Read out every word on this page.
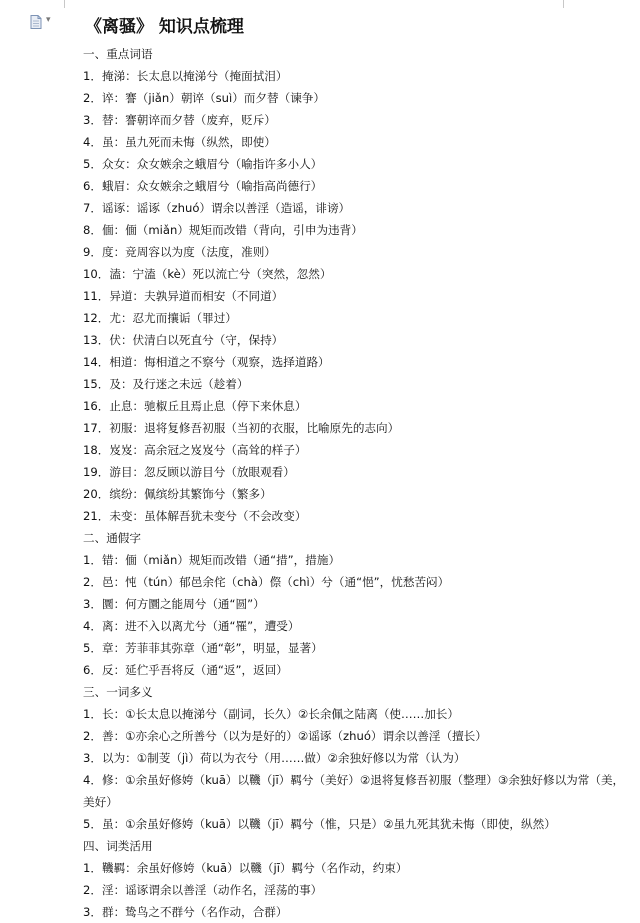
▾ 《离骚》 知识点梳理
一、重点词语
1．掩涕：长太息以掩涕兮（掩面拭泪）
2．谇：謇（jiǎn）朝谇（suì）而夕替（谏争）
3．替：謇朝谇而夕替（废弃，贬斥）
4．虽：虽九死而未悔（纵然，即使）
5．众女：众女嫉余之蛾眉兮（喻指许多小人）
6．蛾眉：众女嫉余之蛾眉兮（喻指高尚德行）
7．谣诼：谣诼（zhuó）谓余以善淫（造谣，诽谤）
8．偭：偭（miǎn）规矩而改错（背向，引申为违背）
9．度：竞周容以为度（法度，准则）
10．溘：宁溘（kè）死以流亡兮（突然，忽然）
11．异道：夫孰异道而相安（不同道）
12．尤：忍尤而攘诟（罪过）
13．伏：伏清白以死直兮（守，保持）
14．相道：悔相道之不察兮（观察，选择道路）
15．及：及行迷之未远（趁着）
16．止息：驰椒丘且焉止息（停下来休息）
17．初服：退将复修吾初服（当初的衣服，比喻原先的志向）
18．岌岌：高余冠之岌岌兮（高耸的样子）
19．游目：忽反顾以游目兮（放眼观看）
20．缤纷：佩缤纷其繁饰兮（繁多）
21．未变：虽体解吾犹未变兮（不会改变）
二、通假字
1．错：偭（miǎn）规矩而改错（通“措”，措施）
2．邑：忳（tún）郁邑余侘（chà）傺（chì）兮（通“悒”，忧愁苦闷）
3．圜：何方圜之能周兮（通“圆”）
4．离：进不入以离尤兮（通“罹”，遭受）
5．章：芳菲菲其弥章（通“彰”，明显，显著）
6．反：延伫乎吾将反（通“返”，返回）
三、一词多义
1．长：①长太息以掩涕兮（副词，长久）②长余佩之陆离（使……加长）
2．善：①亦余心之所善兮（以为是好的）②谣诼（zhuó）谓余以善淫（擅长）
3．以为：①制芰（jì）荷以为衣兮（用……做）②余独好修以为常（认为）
4．修：①余虽好修姱（kuā）以鞿（jī）羁兮（美好）②退将复修吾初服（整理）③余独好修以为常（美，美好）
5．虽：①余虽好修姱（kuā）以鞿（jī）羁兮（惟，只是）②虽九死其犹未悔（即使，纵然）
四、词类活用
1．鞿羁：余虽好修姱（kuā）以鞿（jī）羁兮（名作动，约束）
2．淫：谣诼谓余以善淫（动作名，淫荡的事）
3．群：鸷鸟之不群兮（名作动，合群）
